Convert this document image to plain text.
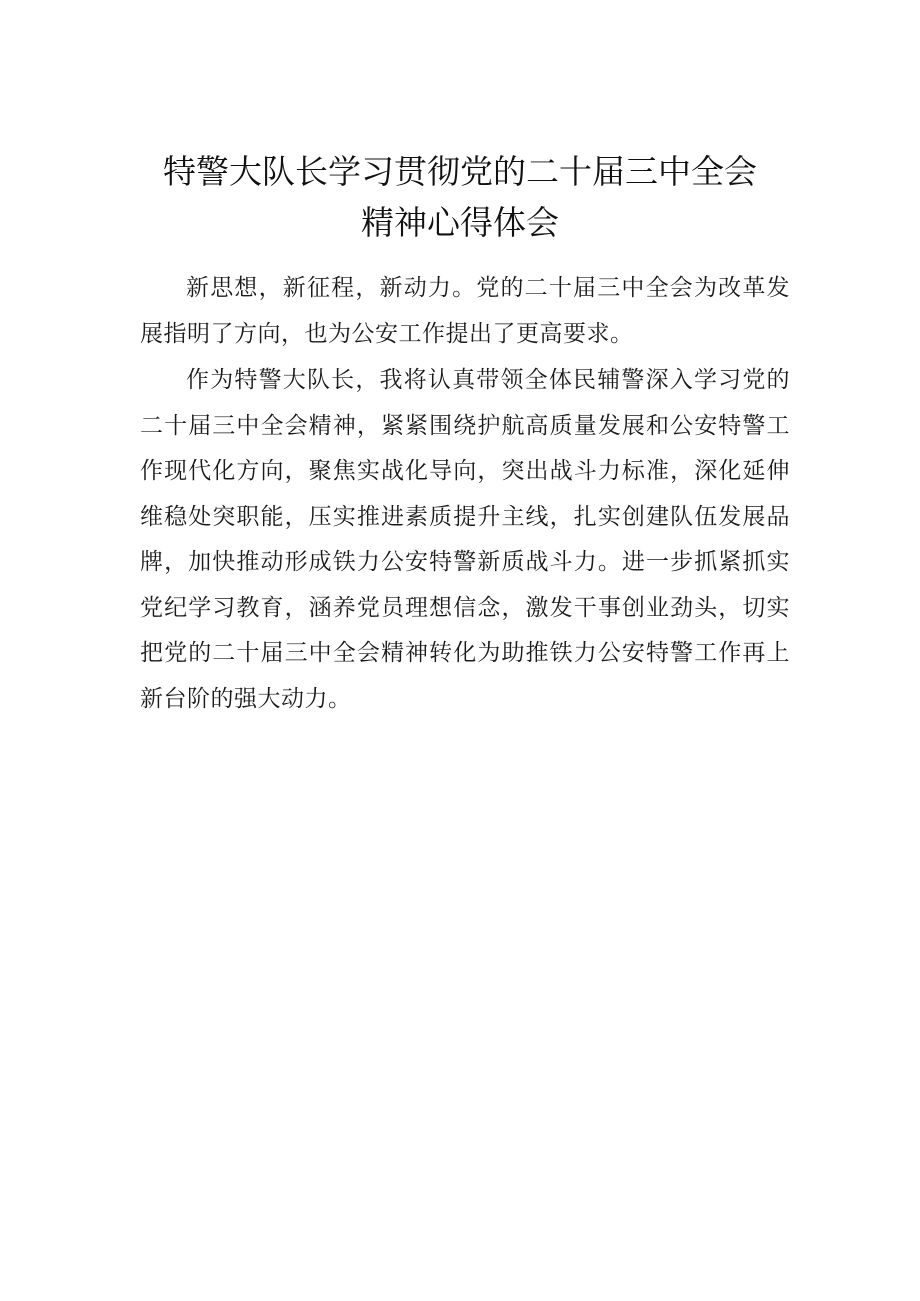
特警大队长学习贯彻党的二十届三中全会
精神心得体会

新思想，新征程，新动力。党的二十届三中全会为改革发展指明了方向，也为公安工作提出了更高要求。

作为特警大队长，我将认真带领全体民辅警深入学习党的二十届三中全会精神，紧紧围绕护航高质量发展和公安特警工作现代化方向，聚焦实战化导向，突出战斗力标准，深化延伸维稳处突职能，压实推进素质提升主线，扎实创建队伍发展品牌，加快推动形成铁力公安特警新质战斗力。进一步抓紧抓实党纪学习教育，涵养党员理想信念，激发干事创业劲头，切实把党的二十届三中全会精神转化为助推铁力公安特警工作再上新台阶的强大动力。
